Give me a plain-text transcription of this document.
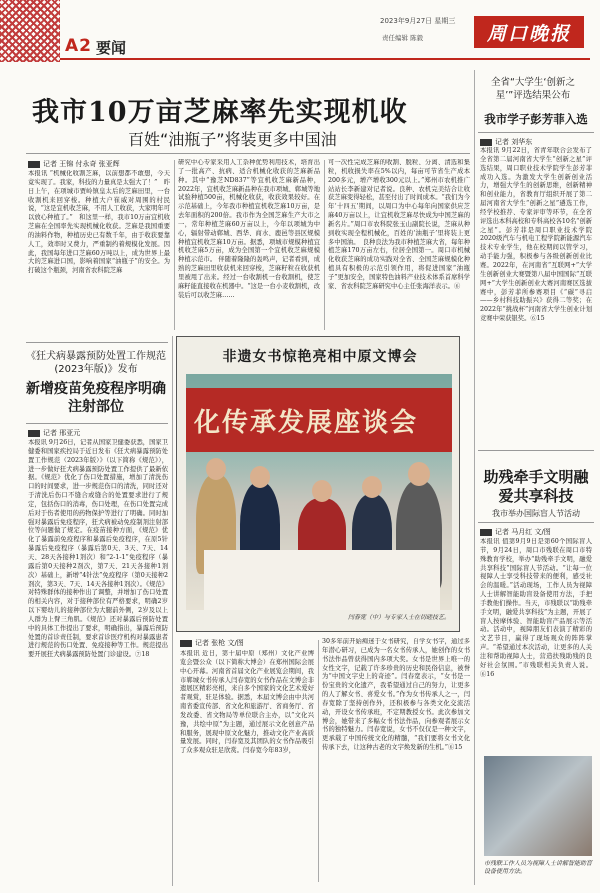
A2 要闻
2023年9月27日 星期三
责任编辑 陈毅	周口晚报
我市10万亩芝麻率先实现机收
百姓“油瓶子”将装更多中国油
记者 王锦 付永奇 张亚辉
本报讯 “机械化收割芝麻，以前想都不敢想，今天竟实现了。我家，科技的力量真是太强大了！”　昨日上午，在项城市贾岭镇皇太后的芝麻田里，一台收割机来回穿梭。种植大户崔威对周围的村民说，“这是宜机收芝麻，不用人工收获，大家明年可以放心种植了。”　和这里一样，我市10万亩宜机收芝麻在全国率先实现机械化收获。芝麻是我国重要的油料作物，种植历史已有数千年，由于收获要靠人工，效率时又费力，严重制约着规模化发展。因此，我国每年进口芝麻60万吨以上，成为世界上最大的芝麻进口国，影响着国家“油瓶子”的安全。为打破这个瓶颈，河南省农科院芝麻
研究中心专家采用人工杂种优势利用技术，培育出了一批高产、抗病、适合机械化收获的芝麻新品种。其中“豫芝ND837”等宜机收芝麻新品种，2022年，宜机收芝麻新品种在我市项城、郸城等地试验种植500亩，机械化收获，收获效果较好。在示范基础上，今年我市种植宜机收芝麻10万亩，是去年面积的200倍。我市作为全国芝麻生产大市之一，常年种植芝麻60万亩以上，今年以项城为中心，辐射带动郸城、西华、商水、鹿邑等县区规模种植宜机收芝麻10万亩。据悉，项城市规模种植宜机收芝麻5万亩，成为全国第一个宜机收芝麻规模种植示范市。 伴随着隆隆的轰鸣声，记者看到，成熟的芝麻田里收获机来回穿梭，芝麻籽粒在收获机里被甩了出来。经过一台收割机一台收割机，使芝麻籽能直接收在机器中。“这是一台小麦收割机，改装后可以收芝麻……
可一次性完成芝麻的收割、脱粒、分离、清选和集粒，机收损失率在5%以内，每亩可节省生产成本200多元，增产增收300元以上。”郑州市农机推广站站长李新建对记者说。良种、农机完美结合让收获芝麻变得轻松，甚至付出了时间成本。“我们为今年‘十四五’期间，以周口为中心每年向国家供应芝麻40万亩以上，让宜机收芝麻尽快成为中国芝麻的新名片。”周口市农科院张玉山副院长说，芝麻从种到收实现全程机械化，百姓的‘油瓶子’里将装上更多中国油。　良种良法为我市种植芝麻大省，每年种植芝麻170万亩左右，位居全国第一。周口市机械化收获芝麻的成功实践对全省、全国芝麻规模化种植具有积极的示范引领作用，将促进国家“油瓶子”更加安全，国家特色油料产业技术体系首席科学家、省农科院芝麻研究中心主任张海洋表示。⑥
全省“大学生‘创新之星’”评选结果公布
我市学子彭芳菲入选
记者 刘华东
本报讯 9月22日，省青年联合会发布了全省第二届河南省大学生“创新之星”评选结果，周口职业技术学院学生彭芳菲成功入选。为激发大学生创新创业活力，增强大学生的创新思维，创新精神和创业能力，省教育厅组织开展了第二届河南省大学生“创新之星”遴选工作，经学校推荐、专家评审等环节，在全省评选出本科高校和专科高校各10名“创新之星”。彭芳菲是周口职业技术学院2020级汽车与机电工程学院新能源汽车技术专业学生，他在校期间以管学习，动手能力强，积极参与各级创新创业比赛。2022年，在河南省“互联网+”大学生创新创业大赛暨第八届中国国际“互联网+”大学生创新创业大赛河南赛区选拔赛中，彭芳菲所参赛项目《“碳”寻启——乡村科技助振兴》获得二等奖；在2022年“挑战杯”河南省大学生创业计划竞赛中荣获银奖。⑥15
《狂犬病暴露预防处置工作规范(2023年版)》发布
新增疫苗免疫程序明确注射部位
记者 邢亚元
本报讯 9月26日，记者从国家卫健委获悉，国家卫健委和国家疾控局于近日发布《狂犬病暴露预防处置工作规范（2023年版）》（以下简称《规范》），进一步做好狂犬病暴露预防处置工作提供了最新依据。《规范》优化了伤口处置措施，增加了清洗伤口的时间要求，进一步规范伤口的清洗，同时还对于清洗后伤口不缝合或缝合的处置要求进行了规定，包括伤口的消毒，伤口处理，在伤口处置完成后对于伤者使用的药物保护等进行了明确。同时加强对暴露后免疫程序，狂犬病被动免疫制剂注射部位等问题做了规定。在疫苗接种方面，《规范》优化了暴露前免疫程序和暴露后免疫程序，在原5针暴露后免疫程序（暴露后第0天、3天、7天、14天、28天各接种1剂次）和“2-1-1”免疫程序（暴露后第0天接种2剂次，第7天、21天各接种1剂次）基础上，新增“4针法”免疫程序（第0天接种2剂次，第3天、7天、14天各接种1剂次）。《规范》对特殊群体的接种作出了调整，并增加了伤口处置的相关内容，对于接种部位有严格要求，明确2岁以下婴幼儿的接种部位为大腿前外侧，2岁及以上人群为上臂三角肌。《规范》还对暴露后预防处置中的具体工作提出了要求，明确指出，暴露后预防处置的首诊责任制，要求首诊医疗机构对暴露患者进行规范的伤口处置、免疫接种等工作。规范提出要开展狂犬病暴露预防处置门诊建设。⑦18
非遗女书惊艳亮相中原文博会
化传承发展座谈会
闫春宽（中）与专家人士在切磋技艺。
记者 张枪 文/图
本报讯 近日，第十届中原（郑州）文化产业博览会暨公众（以下简称大博会）在郑州国际会展中心开幕。河南省首届文化产业展览会期间，我市郸城女书传承人闫春宽的女书作品在文博会非遗展区精彩亮相，来自多个国家的文化艺术爱好者观赏，驻足体验。据悉，本届文博会由中共河南省委宣传部、省文化和旅游厅、省商务厅、省发改委、省文物局等单位联合主办，以“文化兴豫，共绘中原”为主题，通过展示文化创意产品和服务，展现中原文化魅力，推动文化产业高质量发展。同时，闫春宽及其团队的女书作品吸引了众多观众驻足欣赏。闫春宽今年83岁，
30多年前开始痴迷于女书研究，自学女书字，通过多年潜心研习，已成为一名女书传承人，她创作的女书书法作品曾获得国内多项大奖。女书是世界上唯一的女性文字，记载了许多珍贵的历史和民俗信息，被誉为“中国文字史上的奇迹”。闫春宽表示，“女书是一份宝贵的文化遗产，我希望通过自己的努力，让更多的人了解女书、喜爱女书。”作为女书传承人之一，闫春宽除了坚持创作外，还积极参与各类文化交流活动，开设女书传承班，不定期教授女书。此次参加文博会，她带来了多幅女书书法作品，向参观者展示女书的独特魅力。闫春宽说，女书不仅仅是一种文字，更承载了中国传统文化的精髓，“我们要将女书文化传承下去，让这种古老的文字焕发新的生机。”⑥15
助残牵手文明融爱共享科技
我市举办国际盲人节活动
记者 马月红 文/图
本报讯 值第9月9日是第60个国际盲人节，9月24日，周口市残联在周口市特殊教育学校，举办“助残牵手文明，融爱共享科技”国际盲人节活动。“让每一位视障人士享受科技带来的便利，感受社会的温暖。”活动现场，工作人员为视障人士讲解智能助盲设备使用方法，手把手教他们操作。当天，市残联以“助残牵手文明，融爱共享科技”为主题，开展了盲人按摩体验、智能助盲产品展示等活动。活动中，视障朋友们表演了精彩的文艺节目，赢得了现场观众的阵阵掌声。“希望通过本次活动，让更多的人关注和帮助视障人士，营造扶残助残的良好社会氛围。”市残联相关负责人说。⑥16
市残联工作人员为视障人士讲解智能助盲设备使用方法。
